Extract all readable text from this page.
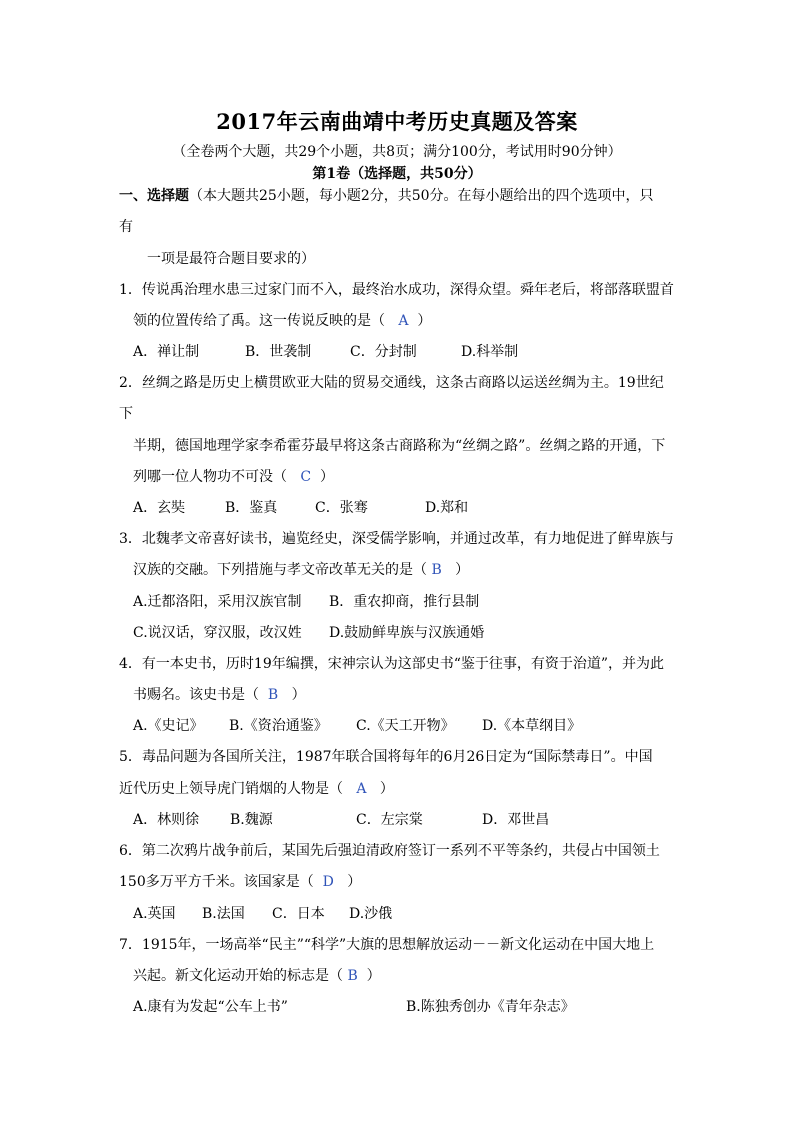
2017年云南曲靖中考历史真题及答案
（全卷两个大题，共29个小题，共8页；满分100分，考试用时90分钟）
第1卷（选择题，共50分）
一、选择题（本大题共25小题，每小题2分，共50分。在每小题给出的四个选项中，只
有
一项是最符合题目要求的）
1．传说禹治理水患三过家门而不入，最终治水成功，深得众望。舜年老后，将部落联盟首
领的位置传给了禹。这一传说反映的是（ A ）
A．禅让制	B．世袭制	C．分封制	D.科举制
2．丝绸之路是历史上横贯欧亚大陆的贸易交通线，这条古商路以运送丝绸为主。19世纪
下
半期，德国地理学家李希霍芬最早将这条古商路称为“丝绸之路”。丝绸之路的开通，下
列哪一位人物功不可没（ C ）
A．玄奘	B．鉴真	C．张骞	D.郑和
3．北魏孝文帝喜好读书，遍览经史，深受儒学影响，并通过改革，有力地促进了鲜卑族与
汉族的交融。下列措施与孝文帝改革无关的是（ B ）
A.迁都洛阳，采用汉族官制 B．重农抑商，推行县制
C.说汉话，穿汉服，改汉姓 D.鼓励鲜卑族与汉族通婚
4．有一本史书，历时19年编撰，宋神宗认为这部史书“鉴于往事，有资于治道”，并为此
书赐名。该史书是（ B ）
A.《史记》 B.《资治通鉴》 C.《天工开物》 D.《本草纲目》
5．毒品问题为各国所关注，1987年联合国将每年的6月26日定为“国际禁毒日”。中国
近代历史上领导虎门销烟的人物是（ A ）
A．林则徐 B.魏源	C．左宗棠	D．邓世昌
6．第二次鸦片战争前后，某国先后强迫清政府签订一系列不平等条约，共侵占中国领土
150多万平方千米。该国家是（ D ）
A.英国 B.法国 C．日本 D.沙俄
7．1915年，一场高举“民主”“科学”大旗的思想解放运动－－新文化运动在中国大地上
兴起。新文化运动开始的标志是（ B ）
A.康有为发起“公车上书”	B.陈独秀创办《青年杂志》
